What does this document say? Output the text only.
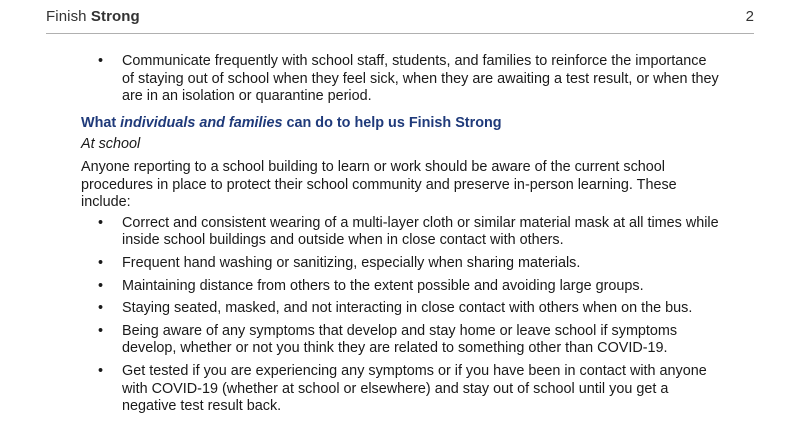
Finish Strong	2
• Communicate frequently with school staff, students, and families to reinforce the importance of staying out of school when they feel sick, when they are awaiting a test result, or when they are in an isolation or quarantine period.
What individuals and families can do to help us Finish Strong
At school
Anyone reporting to a school building to learn or work should be aware of the current school procedures in place to protect their school community and preserve in-person learning. These include:
• Correct and consistent wearing of a multi-layer cloth or similar material mask at all times while inside school buildings and outside when in close contact with others.
• Frequent hand washing or sanitizing, especially when sharing materials.
• Maintaining distance from others to the extent possible and avoiding large groups.
• Staying seated, masked, and not interacting in close contact with others when on the bus.
• Being aware of any symptoms that develop and stay home or leave school if symptoms develop, whether or not you think they are related to something other than COVID-19.
• Get tested if you are experiencing any symptoms or if you have been in contact with anyone with COVID-19 (whether at school or elsewhere) and stay out of school until you get a negative test result back.
